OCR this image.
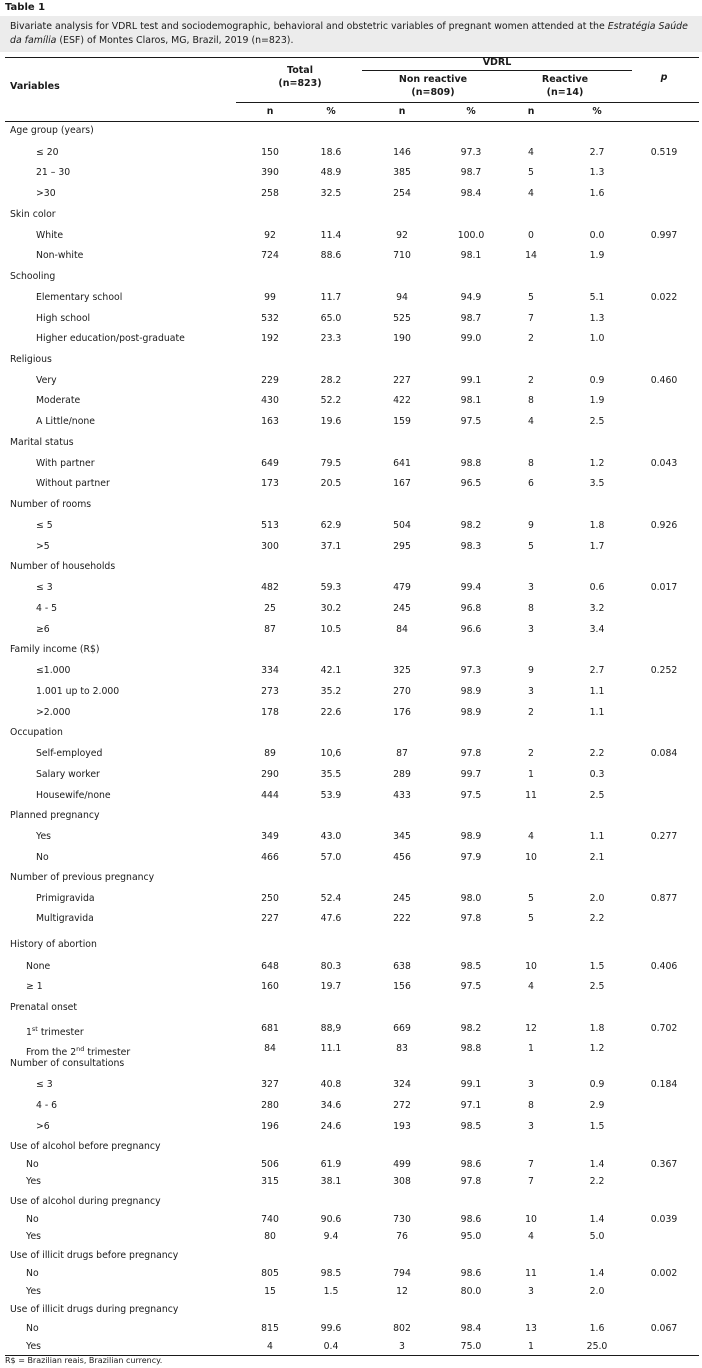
Table 1
Bivariate analysis for VDRL test and sociodemographic, behavioral and obstetric variables of pregnant women attended at the Estratégia Saúde da família (ESF) of Montes Claros, MG, Brazil, 2019 (n=823).
Variables
Total
(n=823)
VDRL
Non reactive
(n=809)
Reactive
(n=14)
p
n	%	n	%	n	%
Age group (years)
≤ 20	150	18.6	146	97.3	4	2.7	0.519
21 – 30	390	48.9	385	98.7	5	1.3
>30	258	32.5	254	98.4	4	1.6
Skin color
White	92	11.4	92	100.0	0	0.0	0.997
Non-white	724	88.6	710	98.1	14	1.9
Schooling
Elementary school	99	11.7	94	94.9	5	5.1	0.022
High school	532	65.0	525	98.7	7	1.3
Higher education/post-graduate	192	23.3	190	99.0	2	1.0
Religious
Very	229	28.2	227	99.1	2	0.9	0.460
Moderate	430	52.2	422	98.1	8	1.9
A Little/none	163	19.6	159	97.5	4	2.5
Marital status
With partner	649	79.5	641	98.8	8	1.2	0.043
Without partner	173	20.5	167	96.5	6	3.5
Number of rooms
≤ 5	513	62.9	504	98.2	9	1.8	0.926
>5	300	37.1	295	98.3	5	1.7
Number of households
≤ 3	482	59.3	479	99.4	3	0.6	0.017
4 - 5	25	30.2	245	96.8	8	3.2
≥6	87	10.5	84	96.6	3	3.4
Family income (R$)
≤1.000	334	42.1	325	97.3	9	2.7	0.252
1.001 up to 2.000	273	35.2	270	98.9	3	1.1
>2.000	178	22.6	176	98.9	2	1.1
Occupation
Self-employed	89	10,6	87	97.8	2	2.2	0.084
Salary worker	290	35.5	289	99.7	1	0.3
Housewife/none	444	53.9	433	97.5	11	2.5
Planned pregnancy
Yes	349	43.0	345	98.9	4	1.1	0.277
No	466	57.0	456	97.9	10	2.1
Number of previous pregnancy
Primigravida	250	52.4	245	98.0	5	2.0	0.877
Multigravida	227	47.6	222	97.8	5	2.2
History of abortion
None	648	80.3	638	98.5	10	1.5	0.406
≥ 1	160	19.7	156	97.5	4	2.5
Prenatal onset
1st trimester	681	88,9	669	98.2	12	1.8	0.702
From the 2nd trimester	84	11.1	83	98.8	1	1.2
Number of consultations
≤ 3	327	40.8	324	99.1	3	0.9	0.184
4 - 6	280	34.6	272	97.1	8	2.9
>6	196	24.6	193	98.5	3	1.5
Use of alcohol before pregnancy
No	506	61.9	499	98.6	7	1.4	0.367
Yes	315	38.1	308	97.8	7	2.2
Use of alcohol during pregnancy
No	740	90.6	730	98.6	10	1.4	0.039
Yes	80	9.4	76	95.0	4	5.0
Use of illicit drugs before pregnancy
No	805	98.5	794	98.6	11	1.4	0.002
Yes	15	1.5	12	80.0	3	2.0
Use of illicit drugs during pregnancy
No	815	99.6	802	98.4	13	1.6	0.067
Yes	4	0.4	3	75.0	1	25.0
R$ = Brazilian reais, Brazilian currency.
